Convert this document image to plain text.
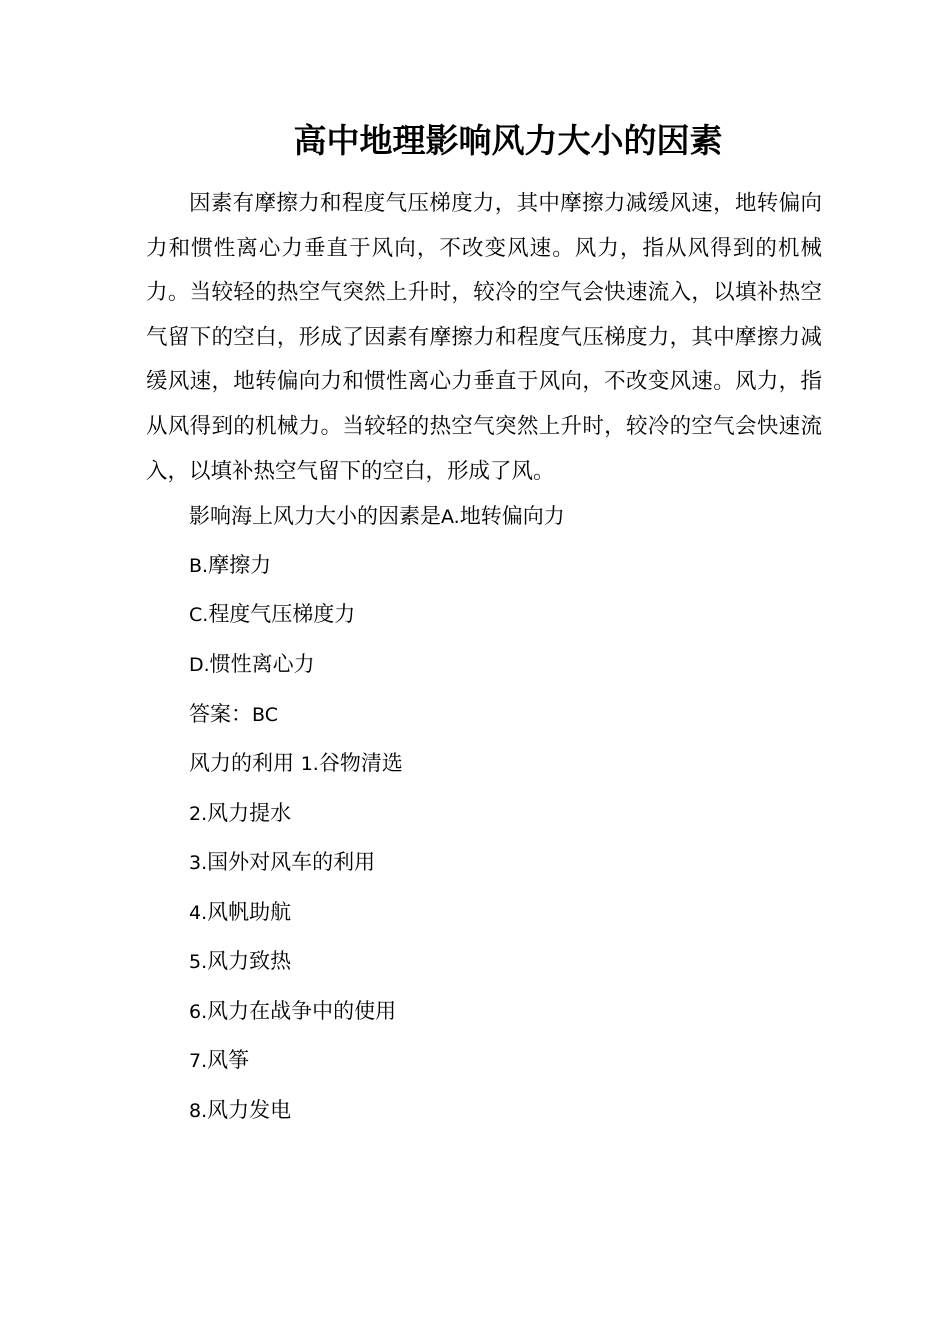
高中地理影响风力大小的因素
因素有摩擦力和程度气压梯度力，其中摩擦力减缓风速，地转偏向力和惯性离心力垂直于风向，不改变风速。风力，指从风得到的机械力。当较轻的热空气突然上升时，较冷的空气会快速流入，以填补热空气留下的空白，形成了因素有摩擦力和程度气压梯度力，其中摩擦力减缓风速，地转偏向力和惯性离心力垂直于风向，不改变风速。风力，指从风得到的机械力。当较轻的热空气突然上升时，较冷的空气会快速流入，以填补热空气留下的空白，形成了风。
影响海上风力大小的因素是A.地转偏向力
B.摩擦力
C.程度气压梯度力
D.惯性离心力
答案：BC
风力的利用 1.谷物清选
2.风力提水
3.国外对风车的利用
4.风帆助航
5.风力致热
6.风力在战争中的使用
7.风筝
8.风力发电
